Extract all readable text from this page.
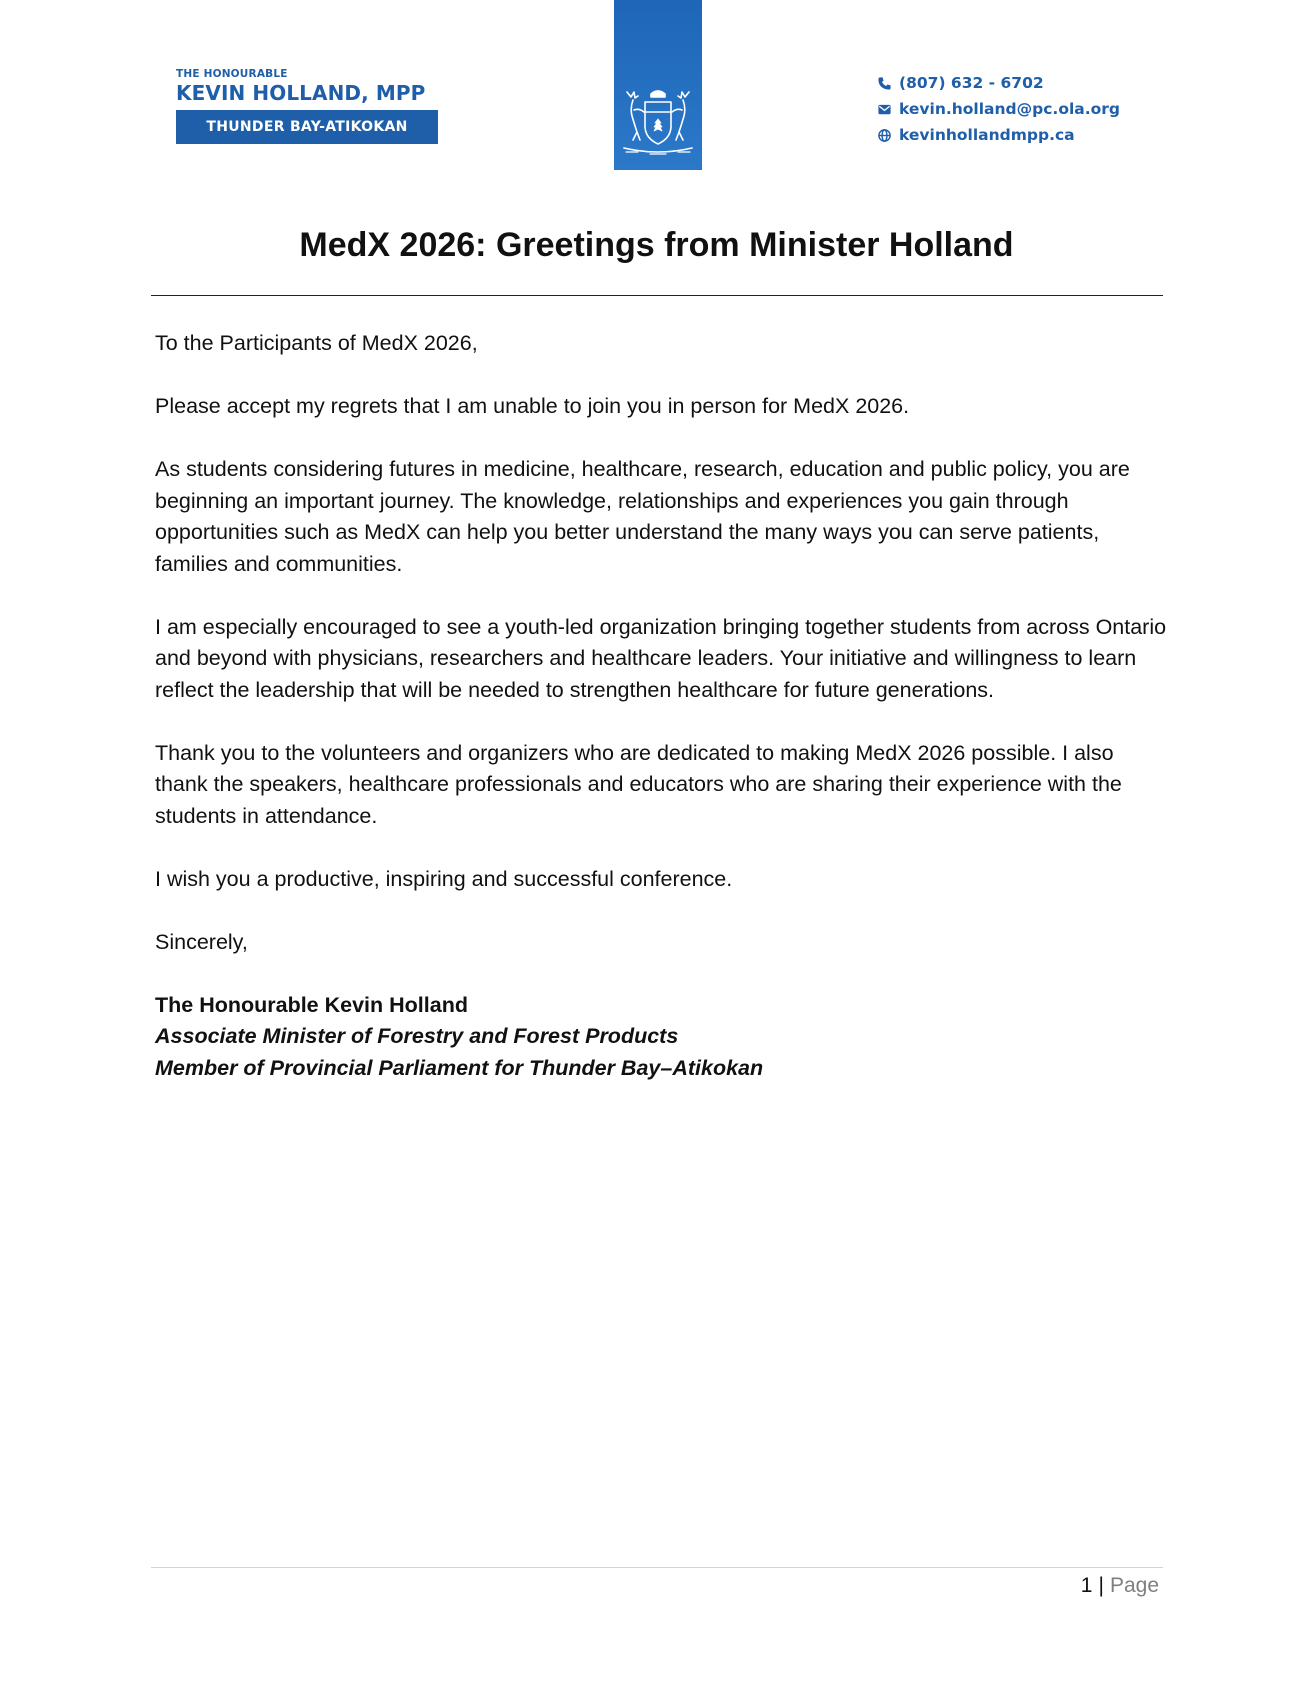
THE HONOURABLE
KEVIN HOLLAND, MPP
THUNDER BAY-ATIKOKAN
(807) 632 - 6702
kevin.holland@pc.ola.org
kevinhollandmpp.ca
MedX 2026: Greetings from Minister Holland

To the Participants of MedX 2026,

Please accept my regrets that I am unable to join you in person for MedX 2026.

As students considering futures in medicine, healthcare, research, education and public policy, you are beginning an important journey. The knowledge, relationships and experiences you gain through opportunities such as MedX can help you better understand the many ways you can serve patients, families and communities.

I am especially encouraged to see a youth-led organization bringing together students from across Ontario and beyond with physicians, researchers and healthcare leaders. Your initiative and willingness to learn reflect the leadership that will be needed to strengthen healthcare for future generations.

Thank you to the volunteers and organizers who are dedicated to making MedX 2026 possible. I also thank the speakers, healthcare professionals and educators who are sharing their experience with the students in attendance.

I wish you a productive, inspiring and successful conference.

Sincerely,

The Honourable Kevin Holland
Associate Minister of Forestry and Forest Products
Member of Provincial Parliament for Thunder Bay–Atikokan
1 | Page
